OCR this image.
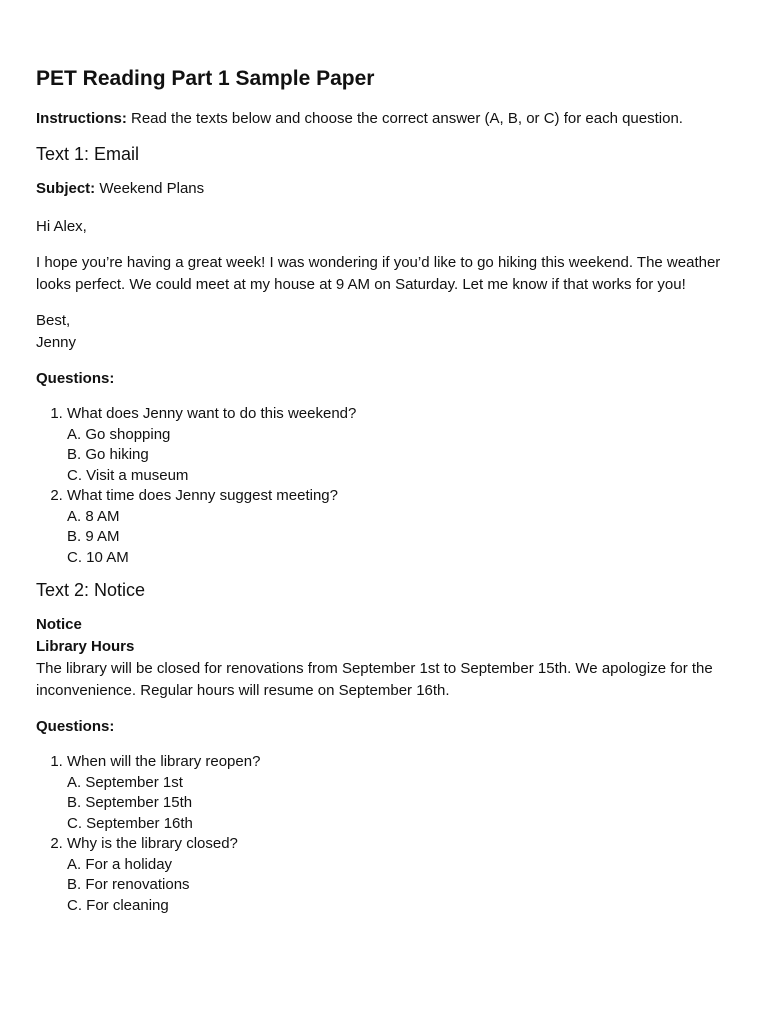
PET Reading Part 1 Sample Paper

Instructions: Read the texts below and choose the correct answer (A, B, or C) for each question.

Text 1: Email

Subject: Weekend Plans

Hi Alex,

I hope you’re having a great week! I was wondering if you’d like to go hiking this weekend. The weather looks perfect. We could meet at my house at 9 AM on Saturday. Let me know if that works for you!

Best,

Jenny

Questions:

1. What does Jenny want to do this weekend?
A. Go shopping
B. Go hiking
C. Visit a museum
2. What time does Jenny suggest meeting?
A. 8 AM
B. 9 AM
C. 10 AM
Text 2: Notice

Notice

Library Hours

The library will be closed for renovations from September 1st to September 15th. We apologize for the inconvenience. Regular hours will resume on September 16th.

Questions:

1. When will the library reopen?
A. September 1st
B. September 15th
C. September 16th
2. Why is the library closed?
A. For a holiday
B. For renovations
C. For cleaning
